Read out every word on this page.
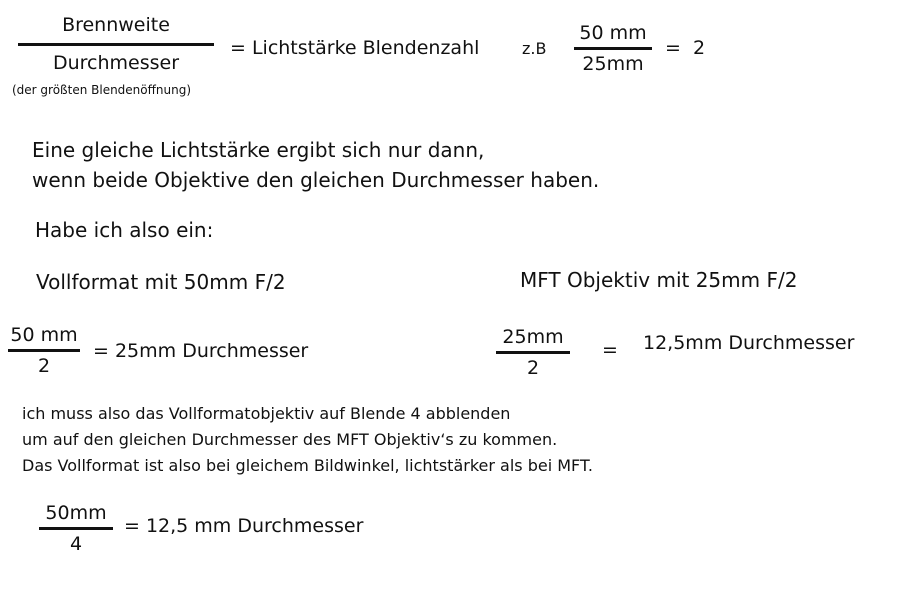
Brennweite
Durchmesser
(der größten Blendenöffnung)
= Lichtstärke Blendenzahl	z.B
50 mm
25mm
= 2
Eine gleiche Lichtstärke ergibt sich nur dann,
wenn beide Objektive den gleichen Durchmesser haben.
Habe ich also ein:
Vollformat mit 50mm F/2	MFT Objektiv mit 25mm F/2
50 mm
2
= 25mm Durchmesser
25mm
2
= 12,5mm Durchmesser
ich muss also das Vollformatobjektiv auf Blende 4 abblenden
um auf den gleichen Durchmesser des MFT Objektiv‘s zu kommen.
Das Vollformat ist also bei gleichem Bildwinkel, lichtstärker als bei MFT.
50mm
4
= 12,5 mm Durchmesser
